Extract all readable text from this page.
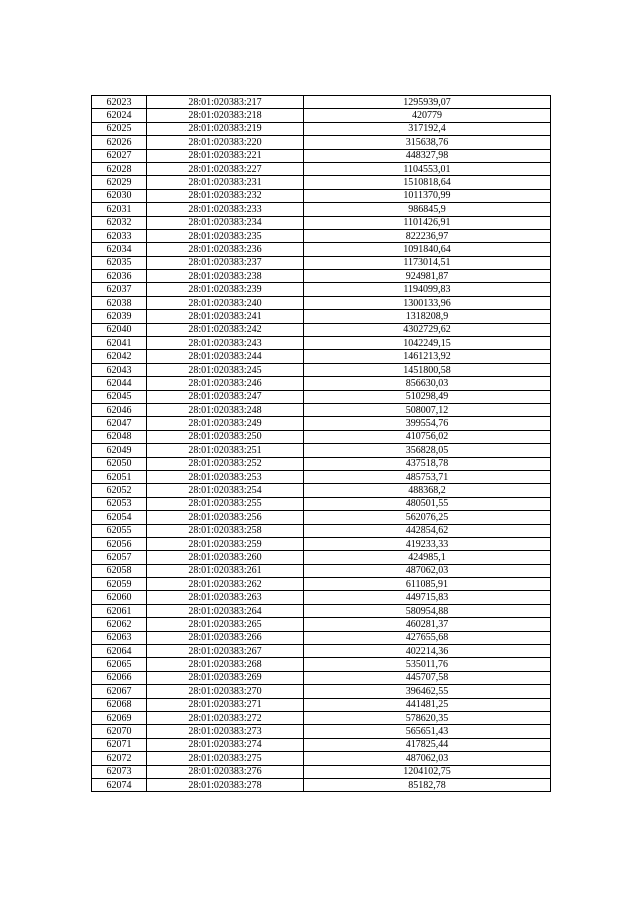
62023	28:01:020383:217	1295939,07
62024	28:01:020383:218	420779
62025	28:01:020383:219	317192,4
62026	28:01:020383:220	315638,76
62027	28:01:020383:221	448327,98
62028	28:01:020383:227	1104553,01
62029	28:01:020383:231	1510818,64
62030	28:01:020383:232	1011370,99
62031	28:01:020383:233	986845,9
62032	28:01:020383:234	1101426,91
62033	28:01:020383:235	822236,97
62034	28:01:020383:236	1091840,64
62035	28:01:020383:237	1173014,51
62036	28:01:020383:238	924981,87
62037	28:01:020383:239	1194099,83
62038	28:01:020383:240	1300133,96
62039	28:01:020383:241	1318208,9
62040	28:01:020383:242	4302729,62
62041	28:01:020383:243	1042249,15
62042	28:01:020383:244	1461213,92
62043	28:01:020383:245	1451800,58
62044	28:01:020383:246	856630,03
62045	28:01:020383:247	510298,49
62046	28:01:020383:248	508007,12
62047	28:01:020383:249	399554,76
62048	28:01:020383:250	410756,02
62049	28:01:020383:251	356828,05
62050	28:01:020383:252	437518,78
62051	28:01:020383:253	485753,71
62052	28:01:020383:254	488368,2
62053	28:01:020383:255	480501,55
62054	28:01:020383:256	562076,25
62055	28:01:020383:258	442854,62
62056	28:01:020383:259	419233,33
62057	28:01:020383:260	424985,1
62058	28:01:020383:261	487062,03
62059	28:01:020383:262	611085,91
62060	28:01:020383:263	449715,83
62061	28:01:020383:264	580954,88
62062	28:01:020383:265	460281,37
62063	28:01:020383:266	427655,68
62064	28:01:020383:267	402214,36
62065	28:01:020383:268	535011,76
62066	28:01:020383:269	445707,58
62067	28:01:020383:270	396462,55
62068	28:01:020383:271	441481,25
62069	28:01:020383:272	578620,35
62070	28:01:020383:273	565651,43
62071	28:01:020383:274	417825,44
62072	28:01:020383:275	487062,03
62073	28:01:020383:276	1204102,75
62074	28:01:020383:278	85182,78
